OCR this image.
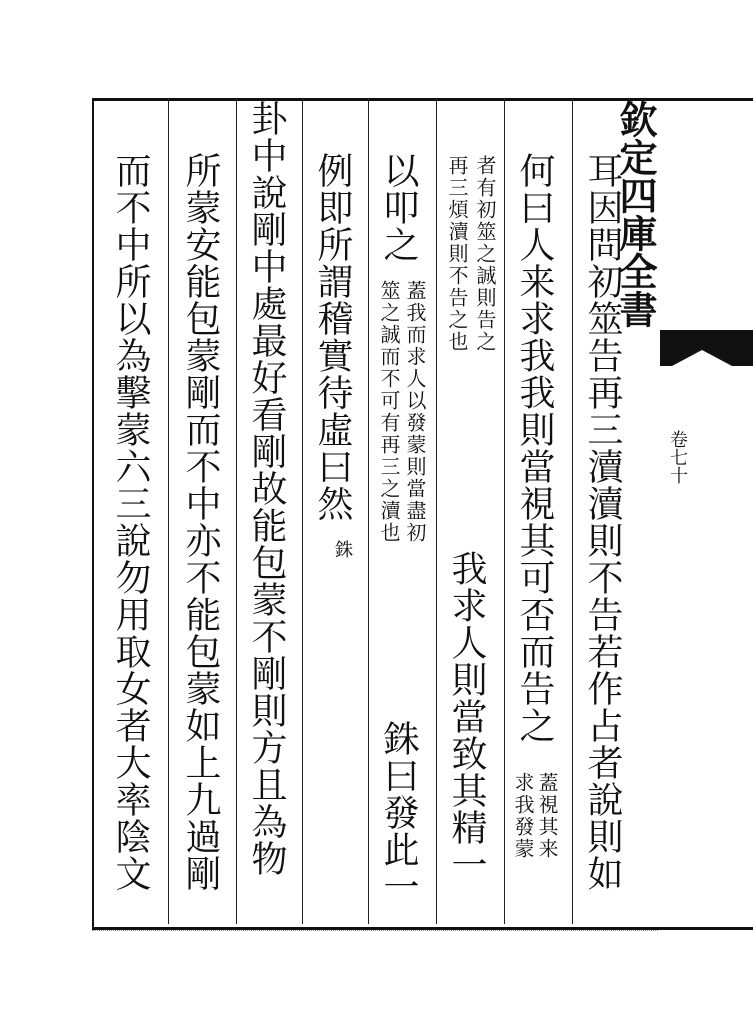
欽定四庫全書
卷七十
耳因問初筮告再三瀆瀆則不告若作占者說則如
何曰人来求我我則當視其可否而告之
蓋視其来
求我發蒙
者有初筮之誠則告之
再三煩瀆則不告之也
我求人則當致其精一
以叩之
蓋我而求人以發蒙則當盡初
筮之誠而不可有再三之瀆也
銖曰發此一
例即所謂稽實待虛曰然
銖
卦中說剛中處最好看剛故能包蒙不剛則方且為物
所蒙安能包蒙剛而不中亦不能包蒙如上九過剛
而不中所以為擊蒙六三說勿用取女者大率陰文
